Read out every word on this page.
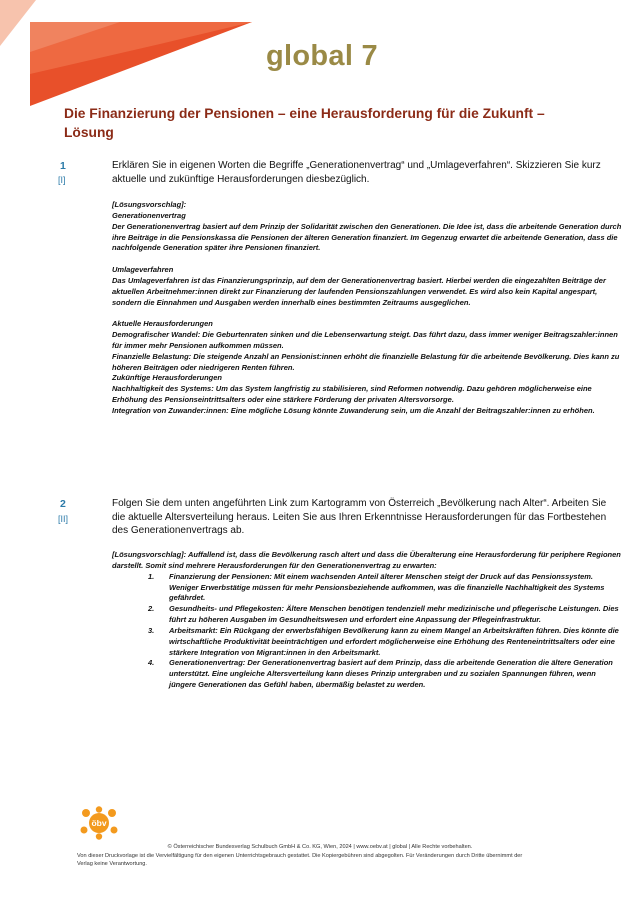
global 7
Die Finanzierung der Pensionen – eine Herausforderung für die Zukunft – Lösung
1
[I]
Erklären Sie in eigenen Worten die Begriffe „Generationenvertrag“ und „Umlageverfahren“. Skizzieren Sie kurz aktuelle und zukünftige Herausforderungen diesbezüglich.

[Lösungsvorschlag]:

Generationenvertrag

Der Generationenvertrag basiert auf dem Prinzip der Solidarität zwischen den Generationen. Die Idee ist, dass die arbeitende Generation durch ihre Beiträge in die Pensionskassa die Pensionen der älteren Generation finanziert. Im Gegenzug erwartet die arbeitende Generation, dass die nachfolgende Generation später ihre Pensionen finanziert.

Umlageverfahren

Das Umlageverfahren ist das Finanzierungsprinzip, auf dem der Generationenvertrag basiert. Hierbei werden die eingezahlten Beiträge der aktuellen Arbeitnehmer:innen direkt zur Finanzierung der laufenden Pensionszahlungen verwendet. Es wird also kein Kapital angespart, sondern die Einnahmen und Ausgaben werden innerhalb eines bestimmten Zeitraums ausgeglichen.

Aktuelle Herausforderungen

Demografischer Wandel: Die Geburtenraten sinken und die Lebenserwartung steigt. Das führt dazu, dass immer weniger Beitragszahler:innen für immer mehr Pensionen aufkommen müssen.

Finanzielle Belastung: Die steigende Anzahl an Pensionist:innen erhöht die finanzielle Belastung für die arbeitende Bevölkerung. Dies kann zu höheren Beiträgen oder niedrigeren Renten führen.

Zukünftige Herausforderungen

Nachhaltigkeit des Systems: Um das System langfristig zu stabilisieren, sind Reformen notwendig. Dazu gehören möglicherweise eine Erhöhung des Pensionseintrittsalters oder eine stärkere Förderung der privaten Altersvorsorge.

Integration von Zuwander:innen: Eine mögliche Lösung könnte Zuwanderung sein, um die Anzahl der Beitragszahler:innen zu erhöhen.

2
[II]
Folgen Sie dem unten angeführten Link zum Kartogramm von Österreich „Bevölkerung nach Alter“. Arbeiten Sie die aktuelle Altersverteilung heraus. Leiten Sie aus Ihren Erkenntnisse Herausforderungen für das Fortbestehen des Generationenvertrags ab.

[Lösungsvorschlag]: Auffallend ist, dass die Bevölkerung rasch altert und dass die Überalterung eine Herausforderung für periphere Regionen darstellt. Somit sind mehrere Herausforderungen für den Generationenvertrag zu erwarten:

1. Finanzierung der Pensionen: Mit einem wachsenden Anteil älterer Menschen steigt der Druck auf das Pensionssystem. Weniger Erwerbstätige müssen für mehr Pensionsbeziehende aufkommen, was die finanzielle Nachhaltigkeit des Systems gefährdet.
2. Gesundheits- und Pflegekosten: Ältere Menschen benötigen tendenziell mehr medizinische und pflegerische Leistungen. Dies führt zu höheren Ausgaben im Gesundheitswesen und erfordert eine Anpassung der Pflegeinfrastruktur.
3. Arbeitsmarkt: Ein Rückgang der erwerbsfähigen Bevölkerung kann zu einem Mangel an Arbeitskräften führen. Dies könnte die wirtschaftliche Produktivität beeinträchtigen und erfordert möglicherweise eine Erhöhung des Renteneintrittsalters oder eine stärkere Integration von Migrant:innen in den Arbeitsmarkt.
4. Generationenvertrag: Der Generationenvertrag basiert auf dem Prinzip, dass die arbeitende Generation die ältere Generation unterstützt. Eine ungleiche Altersverteilung kann dieses Prinzip untergraben und zu sozialen Spannungen führen, wenn jüngere Generationen das Gefühl haben, übermäßig belastet zu werden.
öbv
© Österreichischer Bundesverlag Schulbuch GmbH & Co. KG, Wien, 2024 | www.oebv.at | global | Alle Rechte vorbehalten.
Von dieser Druckvorlage ist die Vervielfältigung für den eigenen Unterrichtsgebrauch gestattet. Die Kopiergebühren sind abgegolten. Für Veränderungen durch Dritte übernimmt der
Verlag keine Verantwortung.
